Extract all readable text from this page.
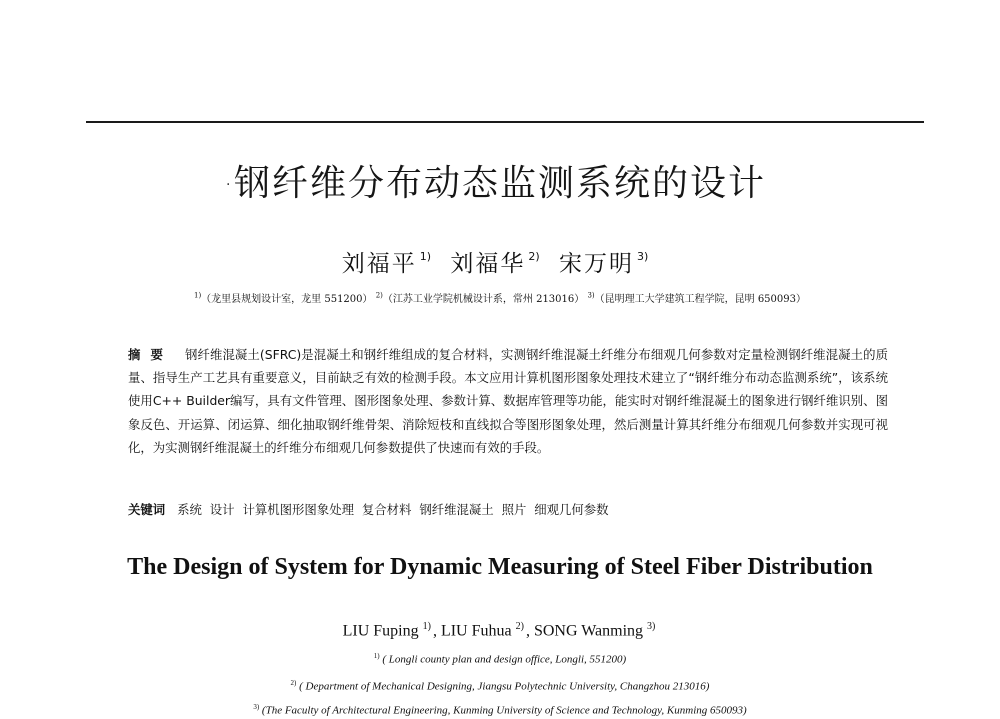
· 钢纤维分布动态监测系统的设计
刘福平 $^{1)}$ 刘福华 $^{2)}$ 宋万明 $^{3)}$
$^{1)}$（龙里县规划设计室，龙里 551200） $^{2)}$（江苏工业学院机械设计系，常州 213016） $^{3)}$（昆明理工大学建筑工程学院，昆明 650093）
摘要 钢纤维混凝土(SFRC)是混凝土和钢纤维组成的复合材料，实测钢纤维混凝土纤维分布细观几何参数对定量检测钢纤维混凝土的质量、指导生产工艺具有重要意义，目前缺乏有效的检测手段。本文应用计算机图形图象处理技术建立了“钢纤维分布动态监测系统”，该系统使用C++ Builder编写，具有文件管理、图形图象处理、参数计算、数据库管理等功能，能实时对钢纤维混凝土的图象进行钢纤维识别、图象反色、开运算、闭运算、细化抽取钢纤维骨架、消除短枝和直线拟合等图形图象处理，然后测量计算其纤维分布细观几何参数并实现可视化，为实测钢纤维混凝土的纤维分布细观几何参数提供了快速而有效的手段。
关键词 系统 设计 计算机图形图象处理 复合材料 钢纤维混凝土 照片 细观几何参数
The Design of System for Dynamic Measuring of Steel Fiber Distribution
LIU Fuping $^{1)}$ , LIU Fuhua $^{2)}$ , SONG Wanming $^{3)}$
$^{1)}$ ( Longli county plan and design office, Longli, 551200)
$^{2)}$ ( Department of Mechanical Designing, Jiangsu Polytechnic University, Changzhou 213016)
$^{3)}$ (The Faculty of Architectural Engineering, Kunming University of Science and Technology, Kunming 650093)
